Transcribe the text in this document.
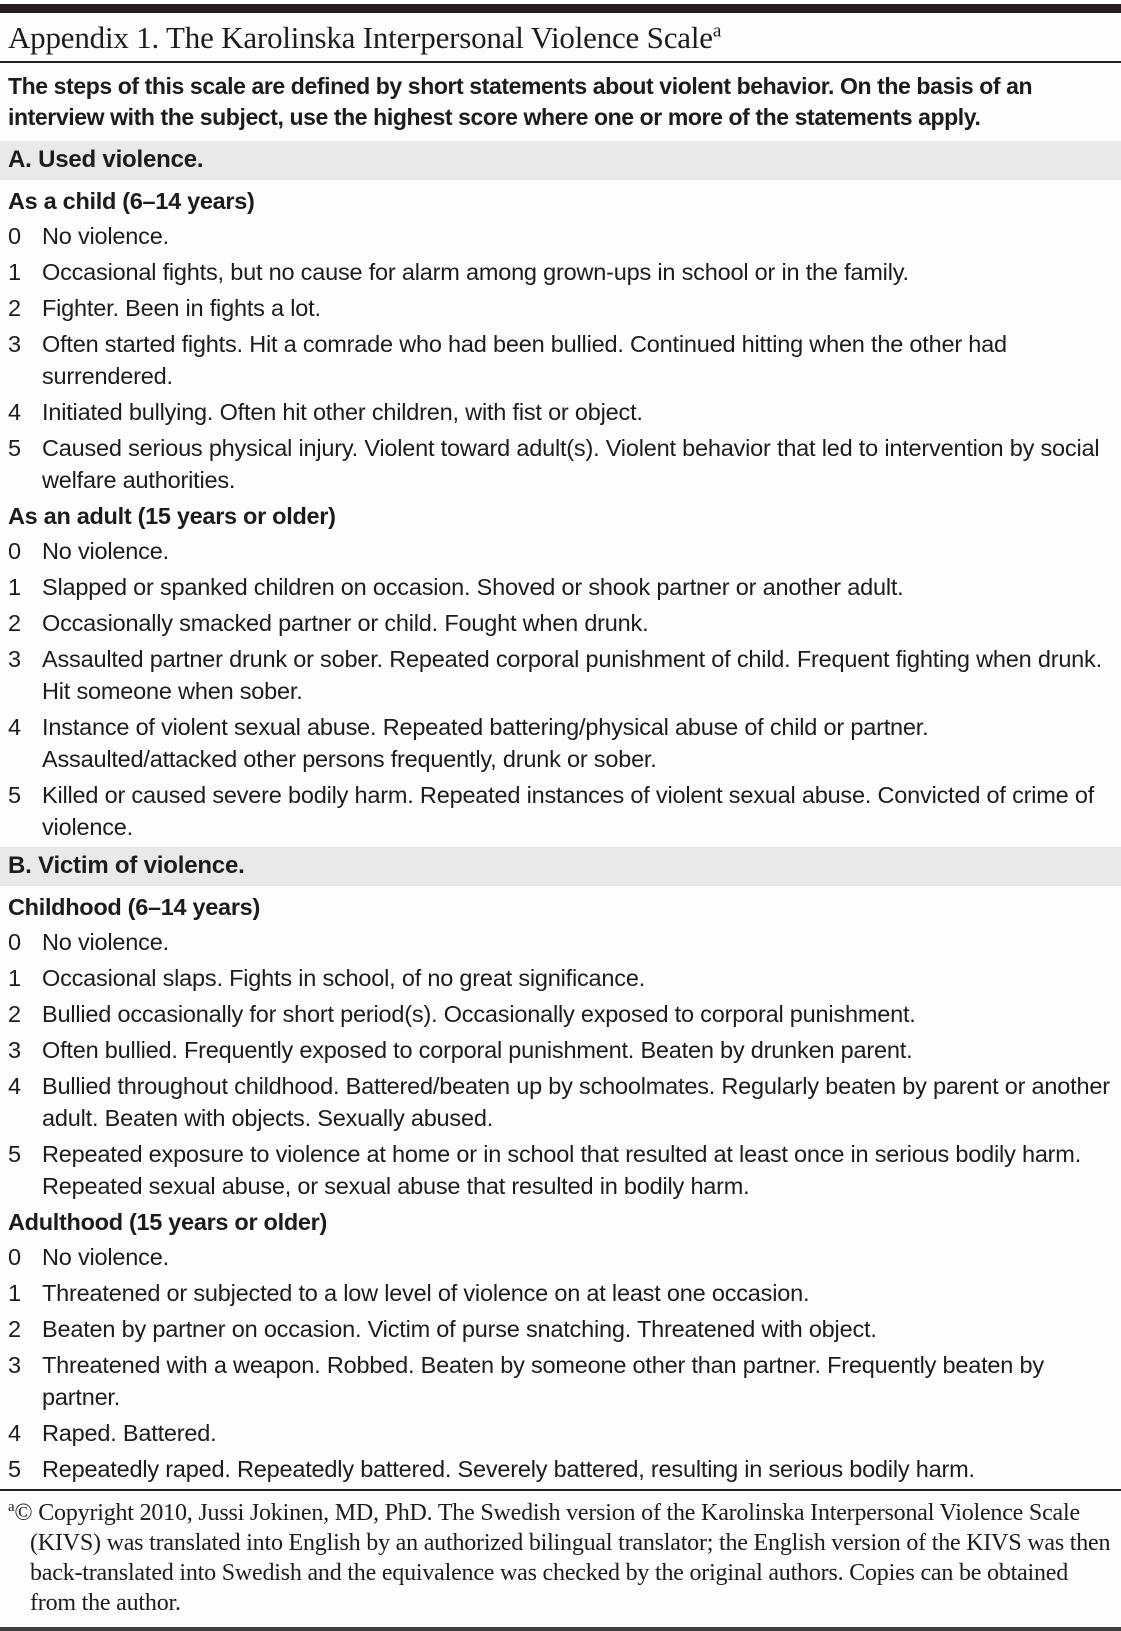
Appendix 1. The Karolinska Interpersonal Violence Scale$^a$

The steps of this scale are defined by short statements about violent behavior. On the basis of an interview with the subject, use the highest score where one or more of the statements apply.

A. Used violence.
As a child (6–14 years)
0 No violence.
1 Occasional fights, but no cause for alarm among grown-ups in school or in the family.
2 Fighter. Been in fights a lot.
3 Often started fights. Hit a comrade who had been bullied. Continued hitting when the other had surrendered.
4 Initiated bullying. Often hit other children, with fist or object.
5 Caused serious physical injury. Violent toward adult(s). Violent behavior that led to intervention by social welfare authorities.
As an adult (15 years or older)
0 No violence.
1 Slapped or spanked children on occasion. Shoved or shook partner or another adult.
2 Occasionally smacked partner or child. Fought when drunk.
3 Assaulted partner drunk or sober. Repeated corporal punishment of child. Frequent fighting when drunk. Hit someone when sober.
4 Instance of violent sexual abuse. Repeated battering/physical abuse of child or partner. Assaulted/attacked other persons frequently, drunk or sober.
5 Killed or caused severe bodily harm. Repeated instances of violent sexual abuse. Convicted of crime of violence.
B. Victim of violence.
Childhood (6–14 years)
0 No violence.
1 Occasional slaps. Fights in school, of no great significance.
2 Bullied occasionally for short period(s). Occasionally exposed to corporal punishment.
3 Often bullied. Frequently exposed to corporal punishment. Beaten by drunken parent.
4 Bullied throughout childhood. Battered/beaten up by schoolmates. Regularly beaten by parent or another adult. Beaten with objects. Sexually abused.
5 Repeated exposure to violence at home or in school that resulted at least once in serious bodily harm. Repeated sexual abuse, or sexual abuse that resulted in bodily harm.
Adulthood (15 years or older)
0 No violence.
1 Threatened or subjected to a low level of violence on at least one occasion.
2 Beaten by partner on occasion. Victim of purse snatching. Threatened with object.
3 Threatened with a weapon. Robbed. Beaten by someone other than partner. Frequently beaten by partner.
4 Raped. Battered.
5 Repeatedly raped. Repeatedly battered. Severely battered, resulting in serious bodily harm.

$^a$© Copyright 2010, Jussi Jokinen, MD, PhD. The Swedish version of the Karolinska Interpersonal Violence Scale (KIVS) was translated into English by an authorized bilingual translator; the English version of the KIVS was then back-translated into Swedish and the equivalence was checked by the original authors. Copies can be obtained from the author.
